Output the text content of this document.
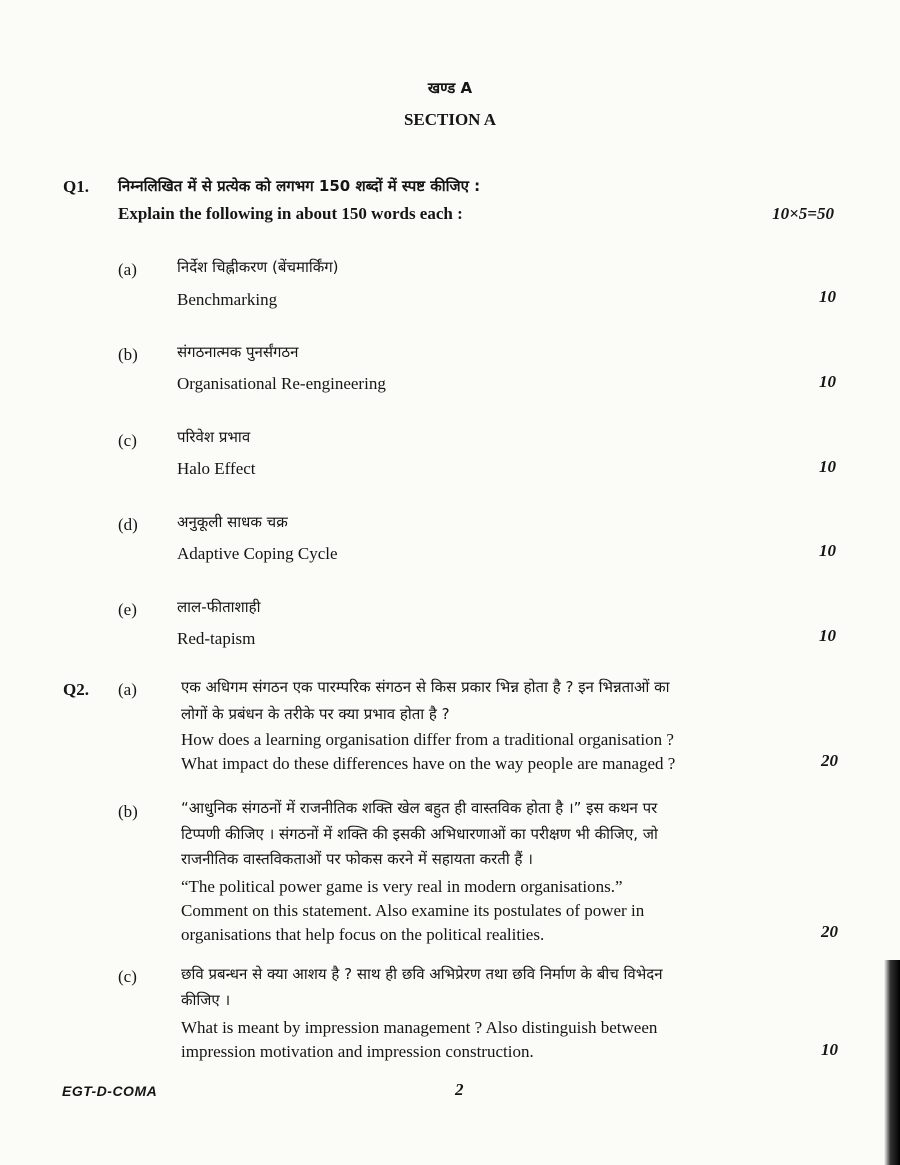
खण्ड A
SECTION A
Q1. निम्नलिखित में से प्रत्येक को लगभग 150 शब्दों में स्पष्ट कीजिए :
Explain the following in about 150 words each :	10×5=50
(a)	निर्देश चिह्नीकरण (बेंचमार्किंग)
Benchmarking	10
(b)	संगठनात्मक पुनर्संगठन
Organisational Re-engineering	10
(c)	परिवेश प्रभाव
Halo Effect	10
(d)	अनुकूली साधक चक्र
Adaptive Coping Cycle	10
(e)	लाल-फीताशाही
Red-tapism	10
Q2. (a)	एक अधिगम संगठन एक पारम्परिक संगठन से किस प्रकार भिन्न होता है ? इन भिन्नताओं का
लोगों के प्रबंधन के तरीके पर क्या प्रभाव होता है ?
How does a learning organisation differ from a traditional organisation ?
What impact do these differences have on the way people are managed ?	20
(b)	“आधुनिक संगठनों में राजनीतिक शक्ति खेल बहुत ही वास्तविक होता है ।” इस कथन पर
टिप्पणी कीजिए । संगठनों में शक्ति की इसकी अभिधारणाओं का परीक्षण भी कीजिए, जो
राजनीतिक वास्तविकताओं पर फोकस करने में सहायता करती हैं ।
“The political power game is very real in modern organisations.”
Comment on this statement. Also examine its postulates of power in
organisations that help focus on the political realities.	20
(c)	छवि प्रबन्धन से क्या आशय है ? साथ ही छवि अभिप्रेरण तथा छवि निर्माण के बीच विभेदन
कीजिए ।
What is meant by impression management ? Also distinguish between
impression motivation and impression construction.	10
EGT-D-COMA	2
